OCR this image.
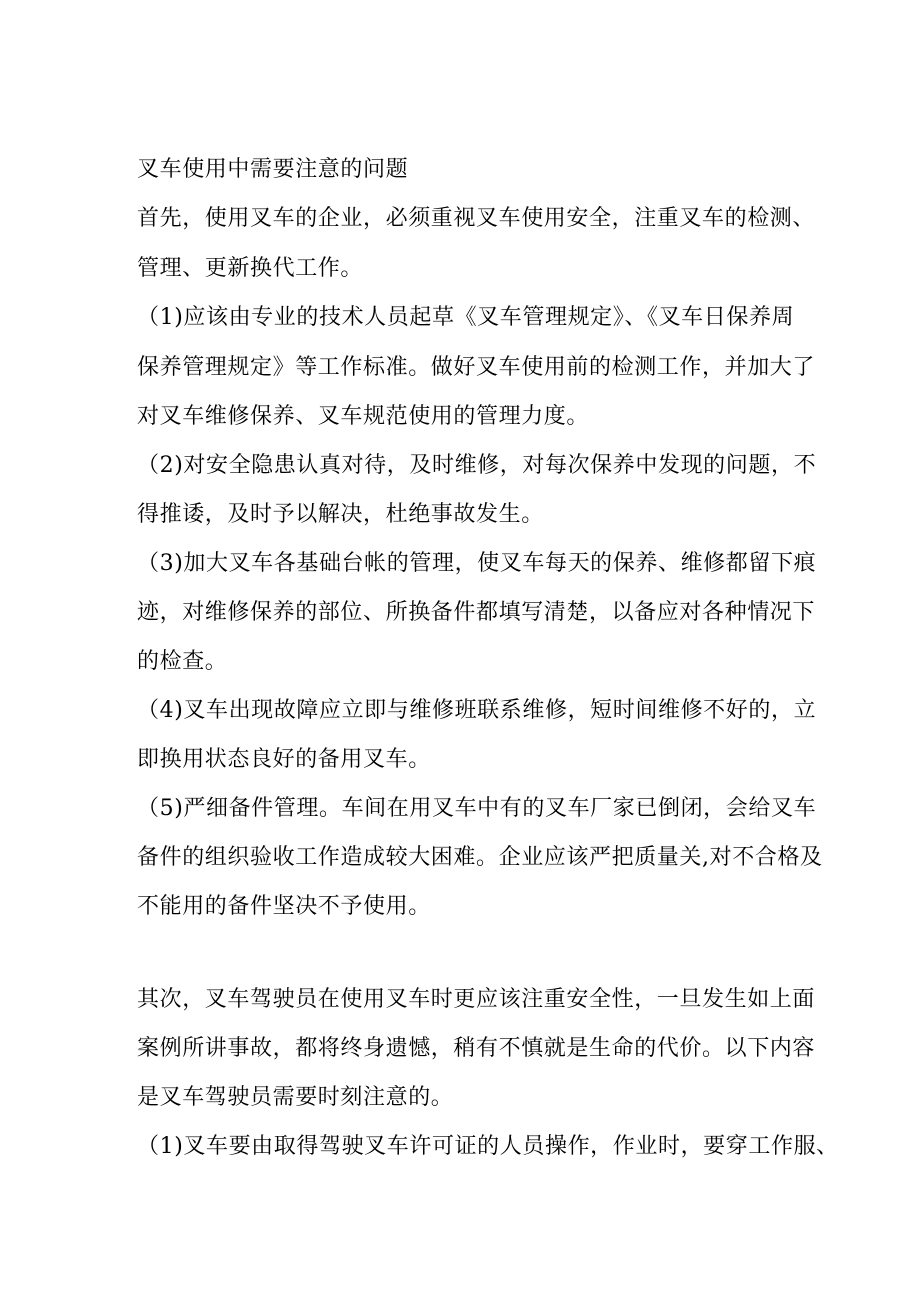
叉车使用中需要注意的问题
首先，使用叉车的企业，必须重视叉车使用安全，注重叉车的检测、
管理、更新换代工作。
（1)应该由专业的技术人员起草《叉车管理规定》、《叉车日保养周
保养管理规定》等工作标准。做好叉车使用前的检测工作，并加大了
对叉车维修保养、叉车规范使用的管理力度。
（2)对安全隐患认真对待，及时维修，对每次保养中发现的问题，不
得推诿，及时予以解决，杜绝事故发生。
（3)加大叉车各基础台帐的管理，使叉车每天的保养、维修都留下痕
迹，对维修保养的部位、所换备件都填写清楚，以备应对各种情况下
的检查。
（4)叉车出现故障应立即与维修班联系维修，短时间维修不好的，立
即换用状态良好的备用叉车。
（5)严细备件管理。车间在用叉车中有的叉车厂家已倒闭，会给叉车
备件的组织验收工作造成较大困难。企业应该严把质量关,对不合格及
不能用的备件坚决不予使用。
其次，叉车驾驶员在使用叉车时更应该注重安全性，一旦发生如上面
案例所讲事故，都将终身遗憾，稍有不慎就是生命的代价。以下内容
是叉车驾驶员需要时刻注意的。
（1)叉车要由取得驾驶叉车许可证的人员操作，作业时，要穿工作服、
